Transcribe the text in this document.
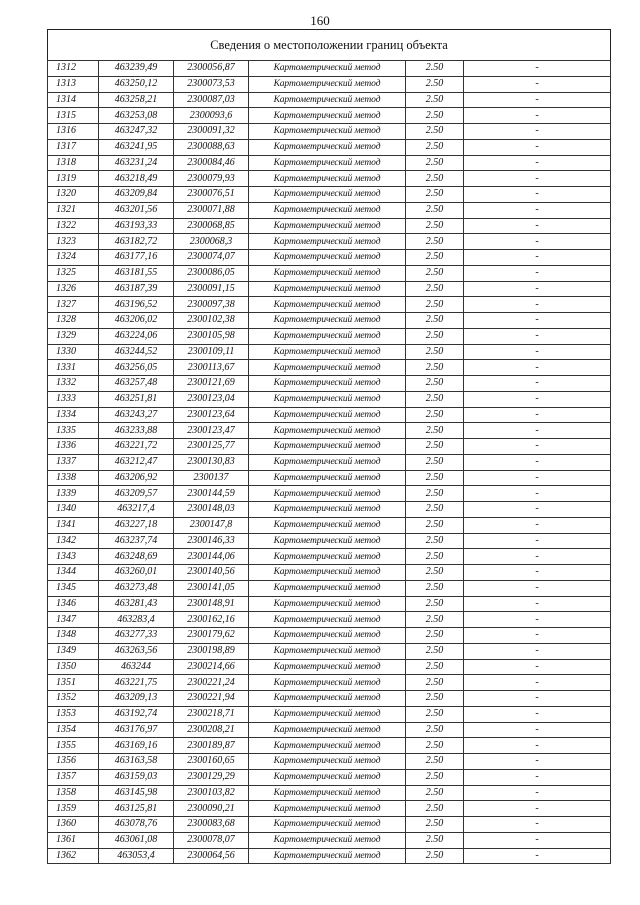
160
Сведения о местоположении границ объекта
1312	463239,49	2300056,87	Картометрический метод	2.50	-
1313	463250,12	2300073,53	Картометрический метод	2.50	-
1314	463258,21	2300087,03	Картометрический метод	2.50	-
1315	463253,08	2300093,6	Картометрический метод	2.50	-
1316	463247,32	2300091,32	Картометрический метод	2.50	-
1317	463241,95	2300088,63	Картометрический метод	2.50	-
1318	463231,24	2300084,46	Картометрический метод	2.50	-
1319	463218,49	2300079,93	Картометрический метод	2.50	-
1320	463209,84	2300076,51	Картометрический метод	2.50	-
1321	463201,56	2300071,88	Картометрический метод	2.50	-
1322	463193,33	2300068,85	Картометрический метод	2.50	-
1323	463182,72	2300068,3	Картометрический метод	2.50	-
1324	463177,16	2300074,07	Картометрический метод	2.50	-
1325	463181,55	2300086,05	Картометрический метод	2.50	-
1326	463187,39	2300091,15	Картометрический метод	2.50	-
1327	463196,52	2300097,38	Картометрический метод	2.50	-
1328	463206,02	2300102,38	Картометрический метод	2.50	-
1329	463224,06	2300105,98	Картометрический метод	2.50	-
1330	463244,52	2300109,11	Картометрический метод	2.50	-
1331	463256,05	2300113,67	Картометрический метод	2.50	-
1332	463257,48	2300121,69	Картометрический метод	2.50	-
1333	463251,81	2300123,04	Картометрический метод	2.50	-
1334	463243,27	2300123,64	Картометрический метод	2.50	-
1335	463233,88	2300123,47	Картометрический метод	2.50	-
1336	463221,72	2300125,77	Картометрический метод	2.50	-
1337	463212,47	2300130,83	Картометрический метод	2.50	-
1338	463206,92	2300137	Картометрический метод	2.50	-
1339	463209,57	2300144,59	Картометрический метод	2.50	-
1340	463217,4	2300148,03	Картометрический метод	2.50	-
1341	463227,18	2300147,8	Картометрический метод	2.50	-
1342	463237,74	2300146,33	Картометрический метод	2.50	-
1343	463248,69	2300144,06	Картометрический метод	2.50	-
1344	463260,01	2300140,56	Картометрический метод	2.50	-
1345	463273,48	2300141,05	Картометрический метод	2.50	-
1346	463281,43	2300148,91	Картометрический метод	2.50	-
1347	463283,4	2300162,16	Картометрический метод	2.50	-
1348	463277,33	2300179,62	Картометрический метод	2.50	-
1349	463263,56	2300198,89	Картометрический метод	2.50	-
1350	463244	2300214,66	Картометрический метод	2.50	-
1351	463221,75	2300221,24	Картометрический метод	2.50	-
1352	463209,13	2300221,94	Картометрический метод	2.50	-
1353	463192,74	2300218,71	Картометрический метод	2.50	-
1354	463176,97	2300208,21	Картометрический метод	2.50	-
1355	463169,16	2300189,87	Картометрический метод	2.50	-
1356	463163,58	2300160,65	Картометрический метод	2.50	-
1357	463159,03	2300129,29	Картометрический метод	2.50	-
1358	463145,98	2300103,82	Картометрический метод	2.50	-
1359	463125,81	2300090,21	Картометрический метод	2.50	-
1360	463078,76	2300083,68	Картометрический метод	2.50	-
1361	463061,08	2300078,07	Картометрический метод	2.50	-
1362	463053,4	2300064,56	Картометрический метод	2.50	-
